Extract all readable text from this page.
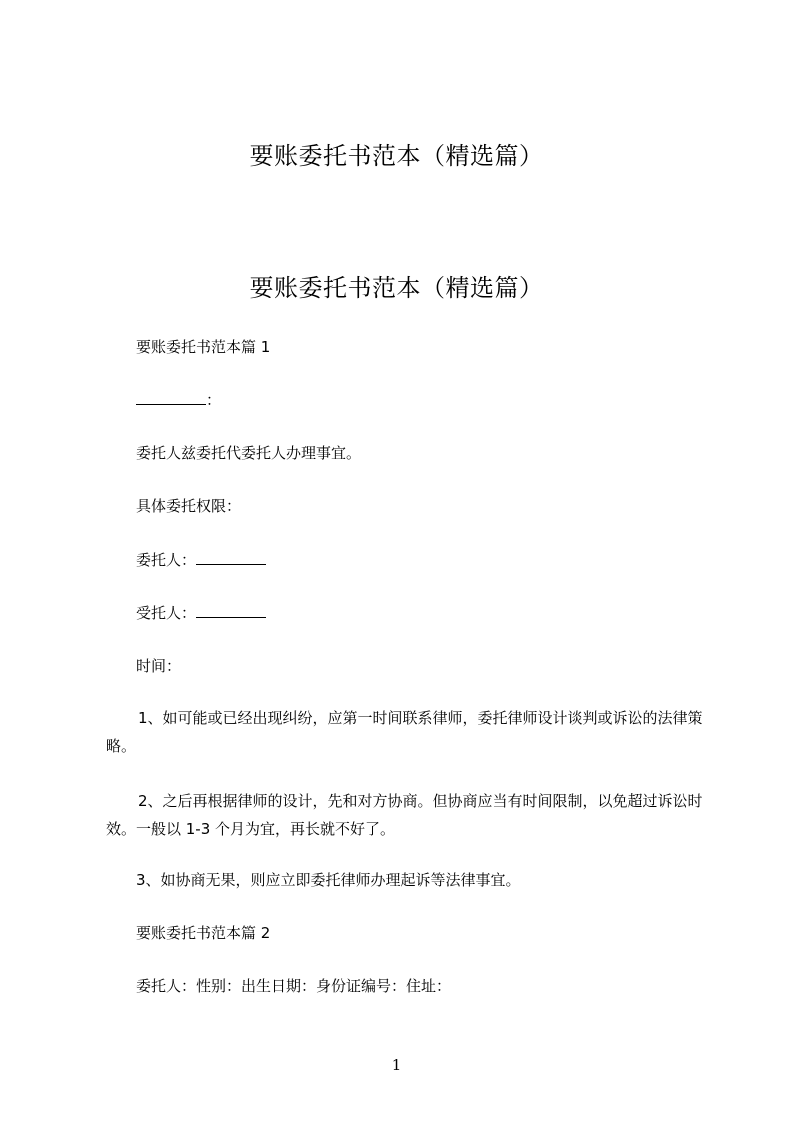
要账委托书范本（精选篇）
要账委托书范本（精选篇）
要账委托书范本篇 1
：
委托人兹委托代委托人办理事宜。
具体委托权限：
委托人：
受托人：
时间：
1、如可能或已经出现纠纷，应第一时间联系律师，委托律师设计谈判或诉讼的法律策略。
2、之后再根据律师的设计，先和对方协商。但协商应当有时间限制，以免超过诉讼时效。一般以 1-3 个月为宜，再长就不好了。
3、如协商无果，则应立即委托律师办理起诉等法律事宜。
要账委托书范本篇 2
委托人：性别：出生日期：身份证编号：住址：
1
